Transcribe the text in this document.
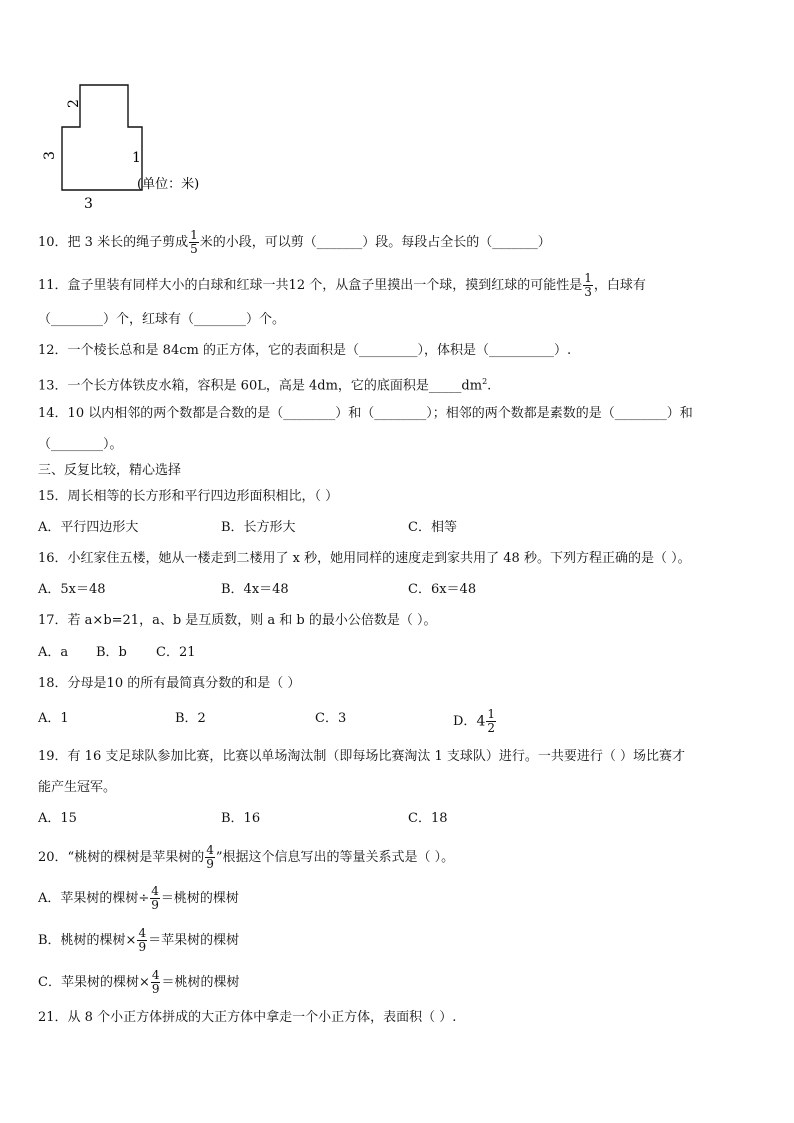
2
3	1
3
(单位：米)
10．把 3 米长的绳子剪成 $\frac{1}{5}$ 米的小段，可以剪（_______）段。每段占全长的（_______）
11．盒子里装有同样大小的白球和红球一共12 个，从盒子里摸出一个球，摸到红球的可能性是 $\frac{1}{3}$ ，白球有
（________）个，红球有（________）个。
12．一个棱长总和是 84cm 的正方体，它的表面积是（_________），体积是（__________）.
13．一个长方体铁皮水箱，容积是 60L，高是 4dm，它的底面积是$\_\_\_\_\_dm^2$.
14．10 以内相邻的两个数都是合数的是（________）和（________）；相邻的两个数都是素数的是（________）和
（________）。
三、反复比较，精心选择
15．周长相等的长方形和平行四边形面积相比，（ ）
A．平行四边形大	B．长方形大	C．相等
16．小红家住五楼，她从一楼走到二楼用了 x 秒，她用同样的速度走到家共用了 48 秒。下列方程正确的是（ ）。
A．5x＝48	B．4x＝48	C．6x＝48
17．若 a×b=21，a、b 是互质数，则 a 和 b 的最小公倍数是（ ）。
A．a B．b C．21
18．分母是10 的所有最简真分数的和是（ ）
A．1	B．2	C．3	D．$4 \frac{1}{2}$
19．有 16 支足球队参加比赛，比赛以单场淘汰制（即每场比赛淘汰 1 支球队）进行。一共要进行（ ）场比赛才
能产生冠军。
A．15	B．16	C．18
20．“桃树的棵树是苹果树的 $\frac{4}{9}$ ”根据这个信息写出的等量关系式是（ ）。
A．苹果树的棵树÷ $\frac{4}{9}$ ＝桃树的棵树
B．桃树的棵树× $\frac{4}{9}$ ＝苹果树的棵树
C．苹果树的棵树× $\frac{4}{9}$ ＝桃树的棵树
21．从 8 个小正方体拼成的大正方体中拿走一个小正方体，表面积（ ）.
